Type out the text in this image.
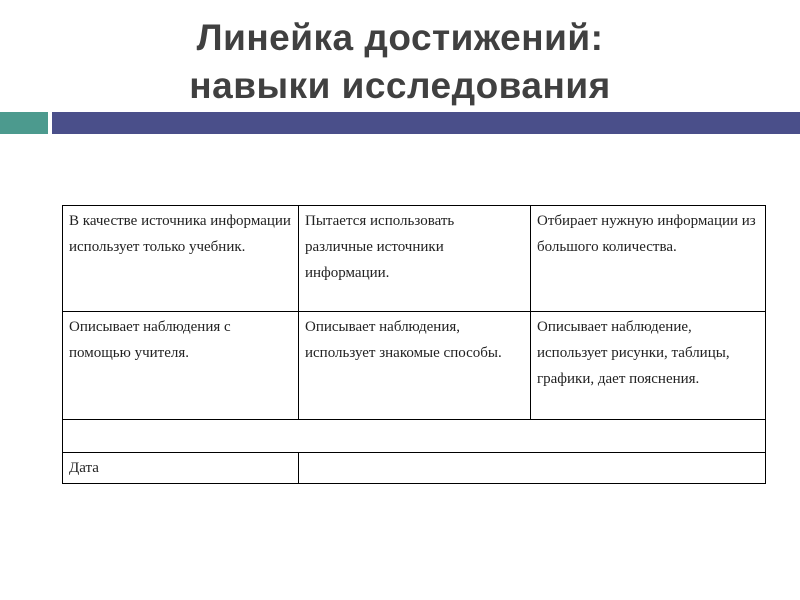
Линейка достижений:
навыки исследования
В качестве источника информации использует только учебник.	Пытается использовать различные источники информации.	Отбирает нужную информации из большого количества.
Описывает наблюдения с помощью учителя.	Описывает наблюдения, использует знакомые способы.	Описывает наблюдение, использует рисунки, таблицы, графики, дает пояснения.

Дата		
